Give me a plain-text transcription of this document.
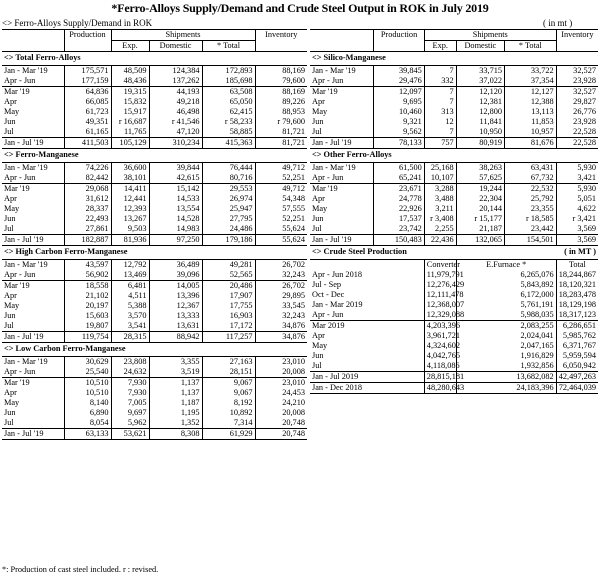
*Ferro-Alloys Supply/Demand and Crude Steel Output in ROK in July 2019
<> Ferro-Alloys Supply/Demand in ROK	( in mt )
	Production	Shipments			Inventory
		Exp.	Domestic	* Total	
<> Total Ferro-Alloys					
Jan - Mar '19	175,571	48,509	124,384	172,893	88,169
Apr - Jun	177,159	48,436	137,262	185,698	79,600
Mar '19	64,836	19,315	44,193	63,508	88,169
Apr	66,085	15,832	49,218	65,050	89,226
May	61,723	15,917	46,498	62,415	88,953
Jun	49,351	r 16,687	r 41,546	r 58,233	r 79,600
Jul	61,165	11,765	47,120	58,885	81,721
Jan - Jul '19	411,503	105,129	310,234	415,363	81,721
<> Ferro-Manganese					
Jan - Mar '19	74,226	36,600	39,844	76,444	49,712
Apr - Jun	82,442	38,101	42,615	80,716	52,251
Mar '19	29,068	14,411	15,142	29,553	49,712
Apr	31,612	12,441	14,533	26,974	54,348
May	28,337	12,393	13,554	25,947	57,555
Jun	22,493	13,267	14,528	27,795	52,251
Jul	27,861	9,503	14,983	24,486	55,624
Jan - Jul '19	182,887	81,936	97,250	179,186	55,624
<> High Carbon Ferro-Manganese					
Jan - Mar '19	43,597	12,792	36,489	49,281	26,702
Apr - Jun	56,902	13,469	39,096	52,565	32,243
Mar '19	18,558	6,481	14,005	20,486	26,702
Apr	21,102	4,511	13,396	17,907	29,895
May	20,197	5,388	12,367	17,755	33,545
Jun	15,603	3,570	13,333	16,903	32,243
Jul	19,807	3,541	13,631	17,172	34,876
Jan - Jul '19	119,754	28,315	88,942	117,257	34,876
<> Low Carbon Ferro-Manganese					
Jan - Mar '19	30,629	23,808	3,355	27,163	23,010
Apr - Jun	25,540	24,632	3,519	28,151	20,008
Mar '19	10,510	7,930	1,137	9,067	23,010
Apr	10,510	7,930	1,137	9,067	24,453
May	8,140	7,005	1,187	8,192	24,210
Jun	6,890	9,697	1,195	10,892	20,008
Jul	8,054	5,962	1,352	7,314	20,748
Jan - Jul '19	63,133	53,621	8,308	61,929	20,748
	Production	Shipments			Inventory
		Exp.	Domestic	* Total	
<> Silico-Manganese					
Jan - Mar '19	39,845	7	33,715	33,722	32,527
Apr - Jun	29,476	332	37,022	37,354	23,928
Mar '19	12,097	7	12,120	12,127	32,527
Apr	9,695	7	12,381	12,388	29,827
May	10,460	313	12,800	13,113	26,776
Jun	9,321	12	11,841	11,853	23,928
Jul	9,562	7	10,950	10,957	22,528
Jan - Jul '19	78,133	757	80,919	81,676	22,528
<> Other Ferro-Alloys					
Jan - Mar '19	61,500	25,168	38,263	63,431	5,930
Apr - Jun	65,241	10,107	57,625	67,732	3,421
Mar '19	23,671	3,288	19,244	22,532	5,930
Apr	24,778	3,488	22,304	25,792	5,051
May	22,926	3,211	20,144	23,355	4,622
Jun	17,537	r 3,408	r 15,177	r 18,585	r 3,421
Jul	23,742	2,255	21,187	23,442	3,569
Jan - Jul '19	150,483	22,436	132,065	154,501	3,569
<> Crude Steel Production				( in MT )	
		Converter	E.Furnace *		Total
Apr - Jun 2018		11,979,791	6,265,076		18,244,867
Jul - Sep		12,276,429	5,843,892		18,120,321
Oct - Dec		12,111,478	6,172,000		18,283,478
Jan - Mar 2019		12,368,007	5,761,191		18,129,198
Apr - Jun		12,329,088	5,988,035		18,317,123
Mar 2019		4,203,396	2,083,255		6,286,651
Apr		3,961,721	2,024,041		5,985,762
May		4,324,602	2,047,165		6,371,767
Jun		4,042,765	1,916,829		5,959,594
Jul		4,118,086	1,932,856		6,050,942
Jan - Jul 2019		28,815,181	13,682,082		42,497,263
Jan - Dec 2018		48,280,643	24,183,396		72,464,039
*: Production of cast steel included. r : revised.
